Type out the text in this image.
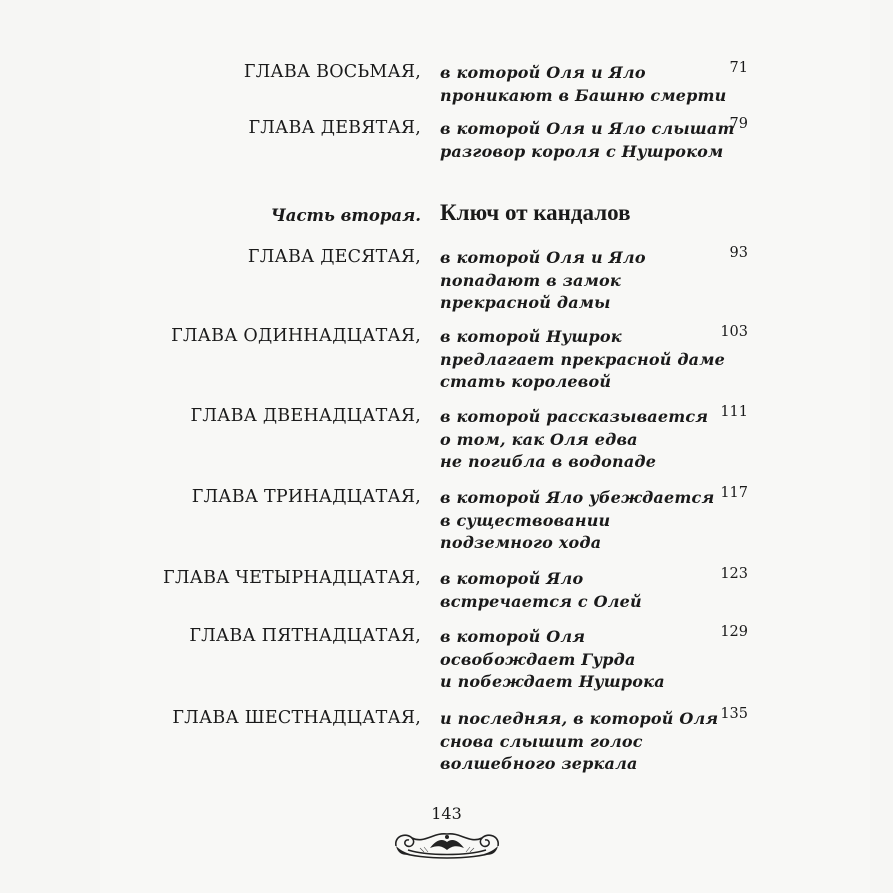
ГЛАВА ВОСЬМАЯ, в которой Оля и Яло
проникают в Башню смерти
71
ГЛАВА ДЕВЯТАЯ, в которой Оля и Яло слышат
разговор короля с Нушроком
79
Часть вторая. Ключ от кандалов
ГЛАВА ДЕСЯТАЯ, в которой Оля и Яло
попадают в замок
прекрасной дамы
93
ГЛАВА ОДИННАДЦАТАЯ, в которой Нушрок
предлагает прекрасной даме
стать королевой
103
ГЛАВА ДВЕНАДЦАТАЯ, в которой рассказывается
о том, как Оля едва
не погибла в водопаде
111
ГЛАВА ТРИНАДЦАТАЯ, в которой Яло убеждается
в существовании
подземного хода
117
ГЛАВА ЧЕТЫРНАДЦАТАЯ, в которой Яло
встречается с Олей
123
ГЛАВА ПЯТНАДЦАТАЯ, в которой Оля
освобождает Гурда
и побеждает Нушрока
129
ГЛАВА ШЕСТНАДЦАТАЯ, и последняя, в которой Оля
снова слышит голос
волшебного зеркала
135
143
